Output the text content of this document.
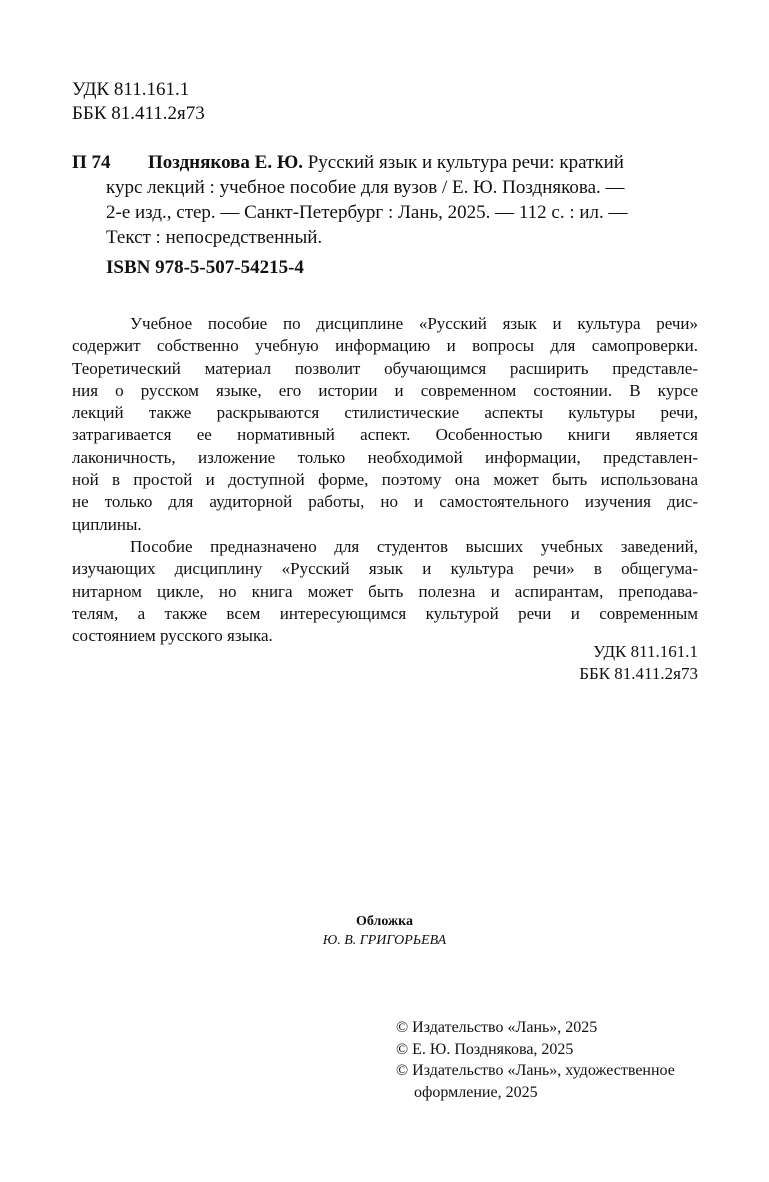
УДК 811.161.1
ББК 81.411.2я73
П 74	Позднякова Е. Ю. Русский язык и культура речи: краткий
курс лекций : учебное пособие для вузов / Е. Ю. Позднякова. —
2-е изд., стер. — Санкт-Петербург : Лань, 2025. — 112 с. : ил. —
Текст : непосредственный.
ISBN 978-5-507-54215-4
Учебное пособие по дисциплине «Русский язык и культура речи»
содержит собственно учебную информацию и вопросы для самопроверки.
Теоретический материал позволит обучающимся расширить представле-
ния о русском языке, его истории и современном состоянии. В курсе
лекций также раскрываются стилистические аспекты культуры речи,
затрагивается ее нормативный аспект. Особенностью книги является
лаконичность, изложение только необходимой информации, представлен-
ной в простой и доступной форме, поэтому она может быть использована
не только для аудиторной работы, но и самостоятельного изучения дис-
циплины.
Пособие предназначено для студентов высших учебных заведений,
изучающих дисциплину «Русский язык и культура речи» в общегума-
нитарном цикле, но книга может быть полезна и аспирантам, преподава-
телям, а также всем интересующимся культурой речи и современным
состоянием русского языка.
УДК 811.161.1
ББК 81.411.2я73
Обложка
Ю. В. ГРИГОРЬЕВА
© Издательство «Лань», 2025
© Е. Ю. Позднякова, 2025
© Издательство «Лань», художественное
оформление, 2025
